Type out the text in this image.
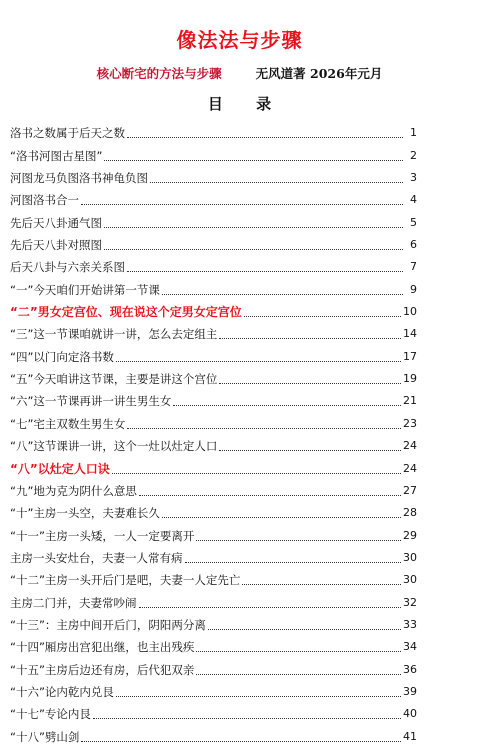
像法法与步骤
核心断宅的方法与步骤	无风道著 2026年元月
目 录
洛书之数属于后天之数	1
“洛书河图古星图”	2
河图龙马负图洛书神龟负图	3
河图洛书合一	4
先后天八卦通气图	5
先后天八卦对照图	6
后天八卦与六亲关系图	7
“一”今天咱们开始讲第一节课	9
“二”男女定宫位、现在说这个定男女定宫位	10
“三”这一节课咱就讲一讲，怎么去定组主	14
“四”以门向定洛书数	17
“五”今天咱讲这节课，主要是讲这个宫位	19
“六”这一节课再讲一讲生男生女	21
“七”宅主双数生男生女	23
“八”这节课讲一讲，这个一灶以灶定人口	24
“八”以灶定人口诀	24
“九”地为克为阴什么意思	27
“十”主房一头空，夫妻难长久	28
“十一”主房一头矮，一人一定要离开	29
主房一头安灶台，夫妻一人常有病	30
“十二”主房一头开后门是吧，夫妻一人定先亡	30
主房二门并，夫妻常吵闹	32
“十三”：主房中间开后门，阴阳两分离	33
“十四”厢房出宫犯出继，也主出残疾	34
“十五”主房后边还有房，后代犯双亲	36
“十六”论内乾内兑艮	39
“十七”专论内艮	40
“十八”劈山剑	41
